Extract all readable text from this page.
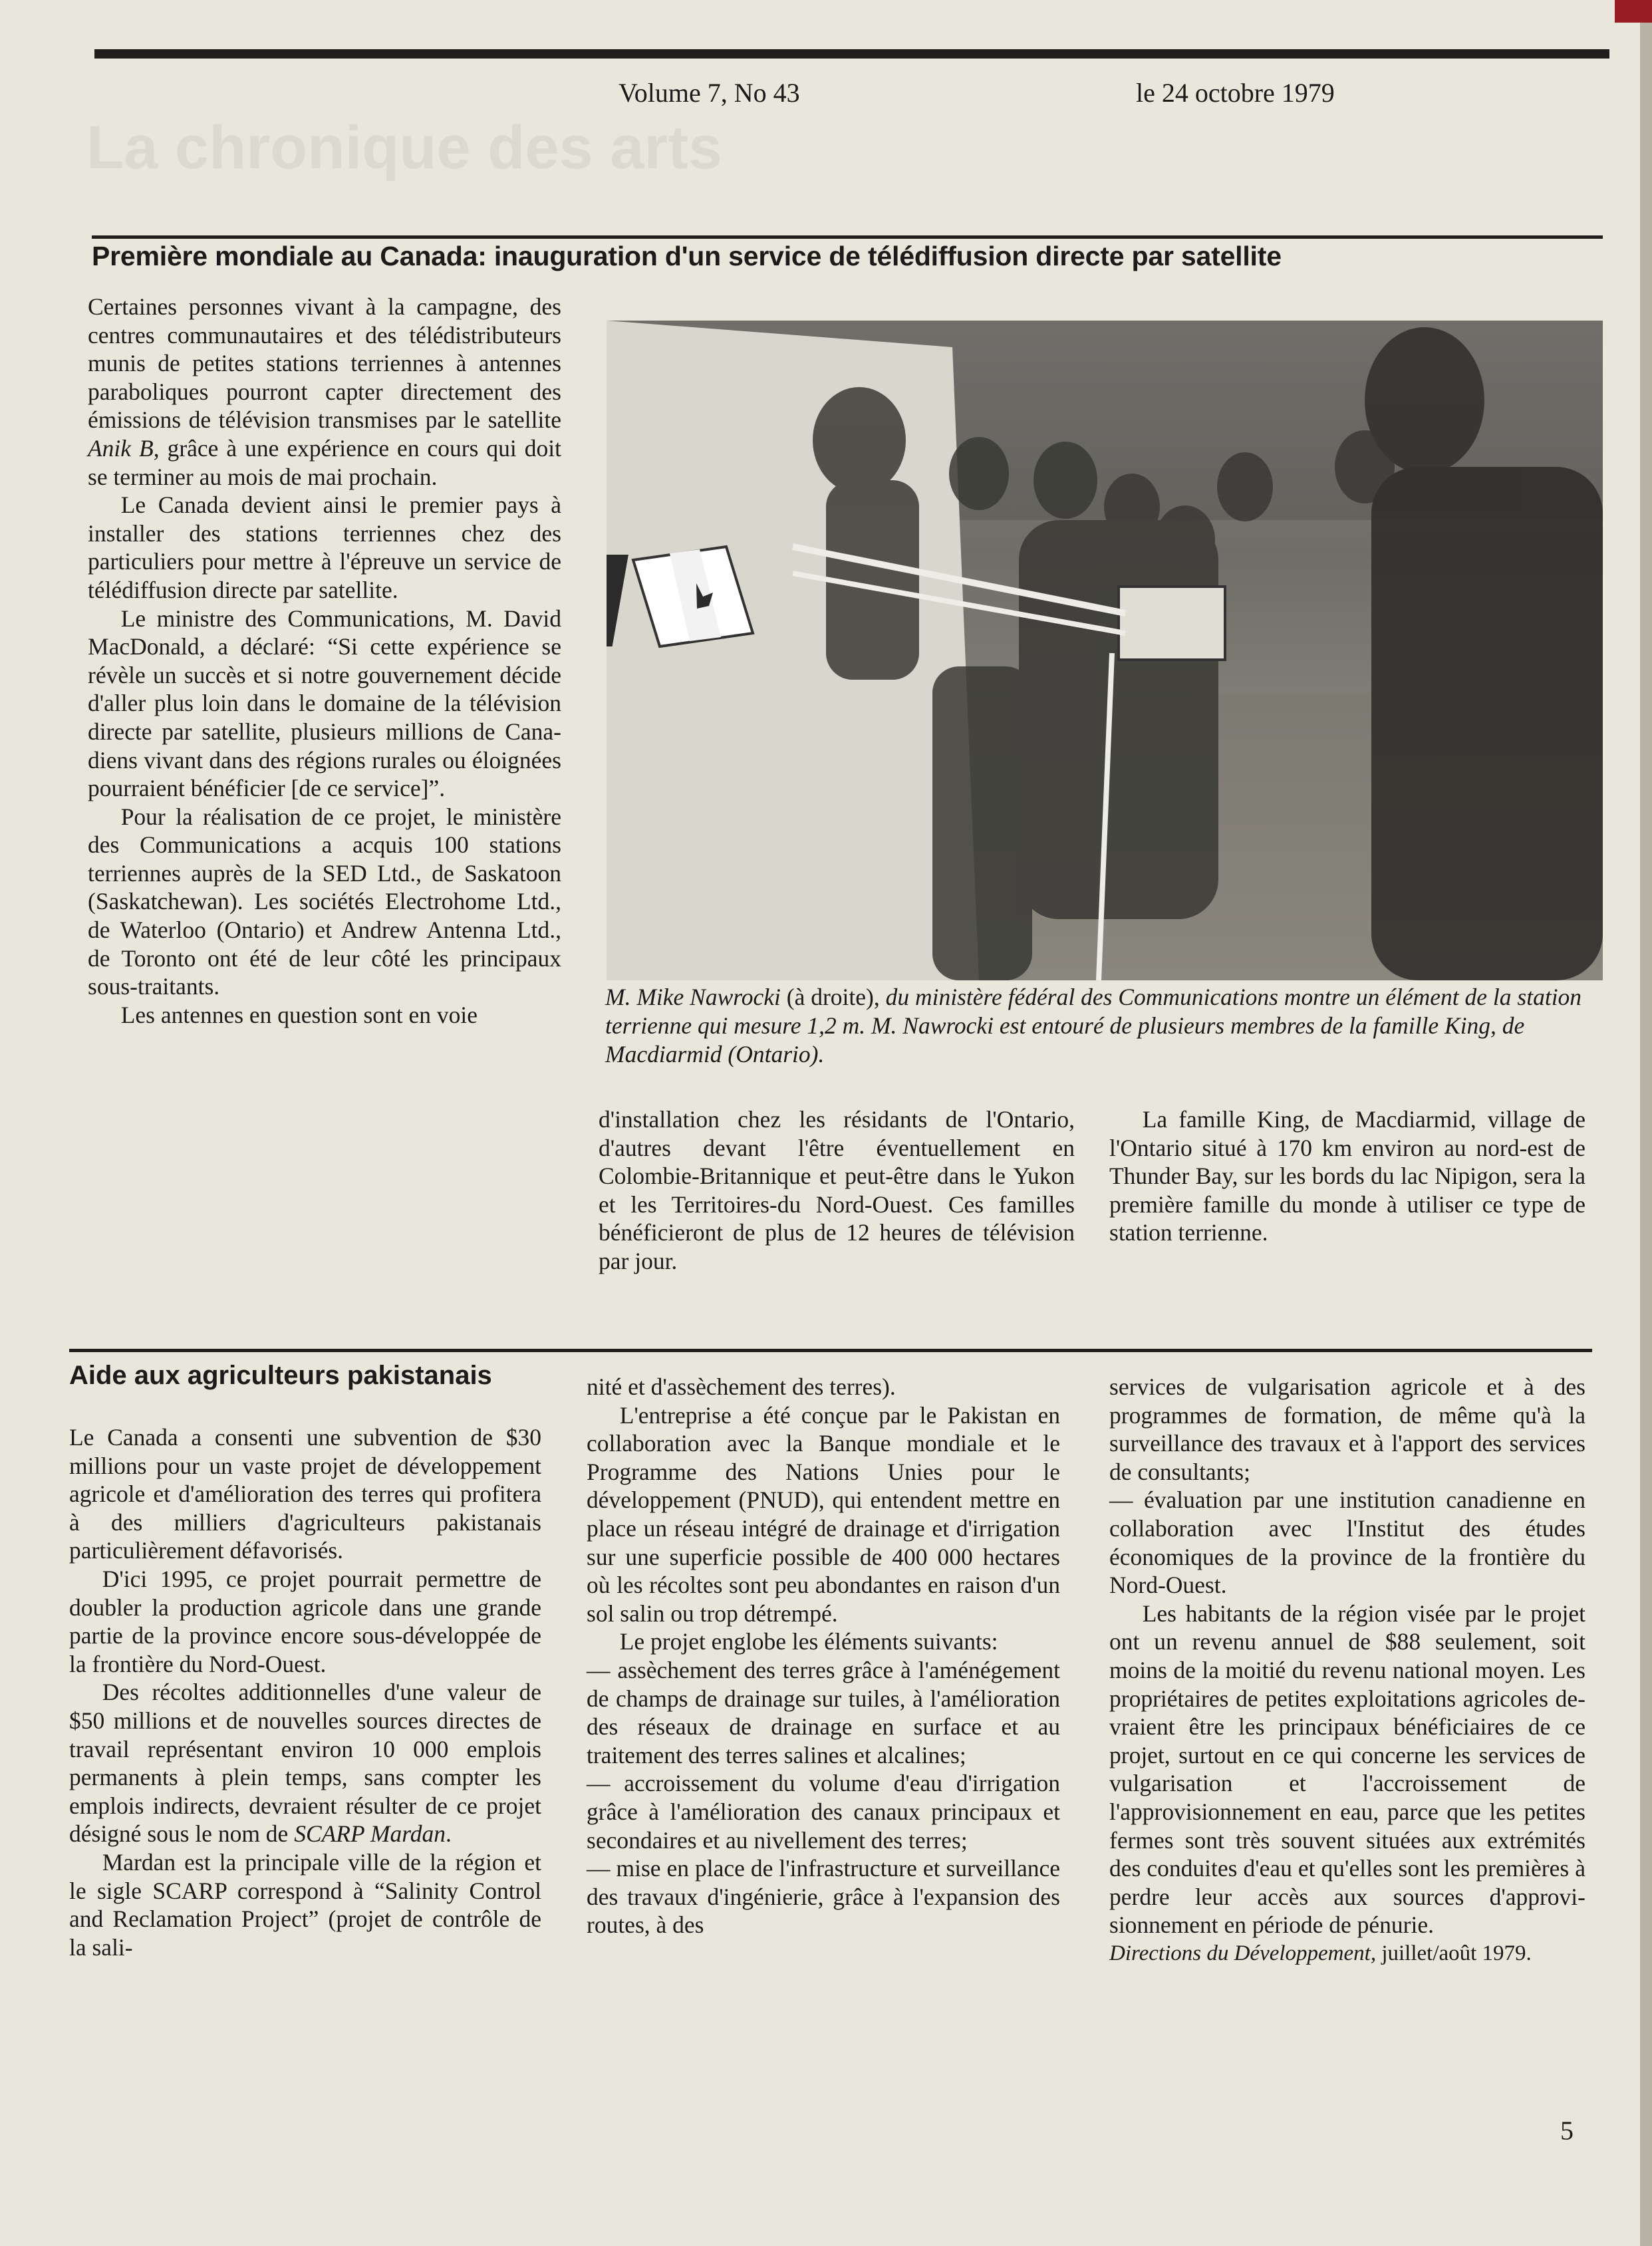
La chronique des arts
Volume 7, No 43	le 24 octobre 1979
Première mondiale au Canada: inauguration d'un service de télédiffusion directe par satellite

Certaines personnes vivant à la campagne, des centres communautaires et des télédistributeurs munis de petites stations terriennes à antennes paraboliques pourront capter directement des émissions de télévision transmises par le satellite Anik B, grâce à une expérience en cours qui doit se terminer au mois de mai prochain.

Le Canada devient ainsi le premier pays à installer des stations terriennes chez des particuliers pour mettre à l'épreuve un service de télédiffusion directe par satellite.

Le ministre des Communications, M. David MacDonald, a déclaré: “Si cette expérience se révèle un succès et si notre gouvernement décide d'aller plus loin dans le domaine de la télévision directe par satellite, plusieurs millions de Canadiens vivant dans des régions rurales ou éloignées pourraient bénéficier [de ce service]”.

Pour la réalisation de ce projet, le ministère des Communications a acquis 100 stations terriennes auprès de la SED Ltd., de Saskatoon (Saskatchewan). Les sociétés Electrohome Ltd., de Waterloo (Ontario) et Andrew Antenna Ltd., de Toronto ont été de leur côté les principaux sous-traitants.

Les antennes en question sont en voie

M. Mike Nawrocki (à droite), du ministère fédéral des Communications montre un élément de la station terrienne qui mesure 1,2 m. M. Nawrocki est entouré de plusieurs membres de la famille King, de Macdiarmid (Ontario).

d'installation chez les résidants de l'Ontario, d'autres devant l'être éventuellement en Colombie-Britannique et peut-être dans le Yukon et les Territoires-du Nord-Ouest. Ces familles bénéficieront de plus de 12 heures de télévision par jour.

La famille King, de Macdiarmid, village de l'Ontario situé à 170 km environ au nord-est de Thunder Bay, sur les bords du lac Nipigon, sera la première famille du monde à utiliser ce type de station terrienne.

Aide aux agriculteurs pakistanais

Le Canada a consenti une subvention de $30 millions pour un vaste projet de développement agricole et d'amélioration des terres qui profitera à des milliers d'agriculteurs pakistanais particulièrement défavorisés.

D'ici 1995, ce projet pourrait permettre de doubler la production agricole dans une grande partie de la province encore sous-développée de la frontière du Nord-Ouest.

Des récoltes additionnelles d'une valeur de $50 millions et de nouvelles sources directes de travail représentant environ 10 000 emplois permanents à plein temps, sans compter les emplois indirects, devraient résulter de ce projet désigné sous le nom de SCARP Mardan.

Mardan est la principale ville de la région et le sigle SCARP correspond à “Salinity Control and Reclamation Project” (projet de contrôle de la sali-

nité et d'assèchement des terres).

L'entreprise a été conçue par le Pakistan en collaboration avec la Banque mondiale et le Programme des Nations Unies pour le développement (PNUD), qui entendent mettre en place un réseau intégré de drainage et d'irrigation sur une superficie possible de 400 000 hectares où les récoltes sont peu abondantes en raison d'un sol salin ou trop détrempé.

Le projet englobe les éléments suivants:

— assèchement des terres grâce à l'aménégement de champs de drainage sur tuiles, à l'amélioration des réseaux de drainage en surface et au traitement des terres salines et alcalines;

— accroissement du volume d'eau d'irrigation grâce à l'amélioration des canaux principaux et secondaires et au nivellement des terres;

— mise en place de l'infrastructure et surveillance des travaux d'ingénierie, grâce à l'expansion des routes, à des

services de vulgarisation agricole et à des programmes de formation, de même qu'à la surveillance des travaux et à l'apport des services de consultants;

— évaluation par une institution canadienne en collaboration avec l'Institut des études économiques de la province de la frontière du Nord-Ouest.

Les habitants de la région visée par le projet ont un revenu annuel de $88 seulement, soit moins de la moitié du revenu national moyen. Les propriétaires de petites exploitations agricoles devraient être les principaux bénéficiaires de ce projet, surtout en ce qui concerne les services de vulgarisation et l'accroissement de l'approvisionnement en eau, parce que les petites fermes sont très souvent situées aux extrémités des conduites d'eau et qu'elles sont les premières à perdre leur accès aux sources d'approvisionnement en période de pénurie.

Directions du Développement, juillet/août 1979.

5
